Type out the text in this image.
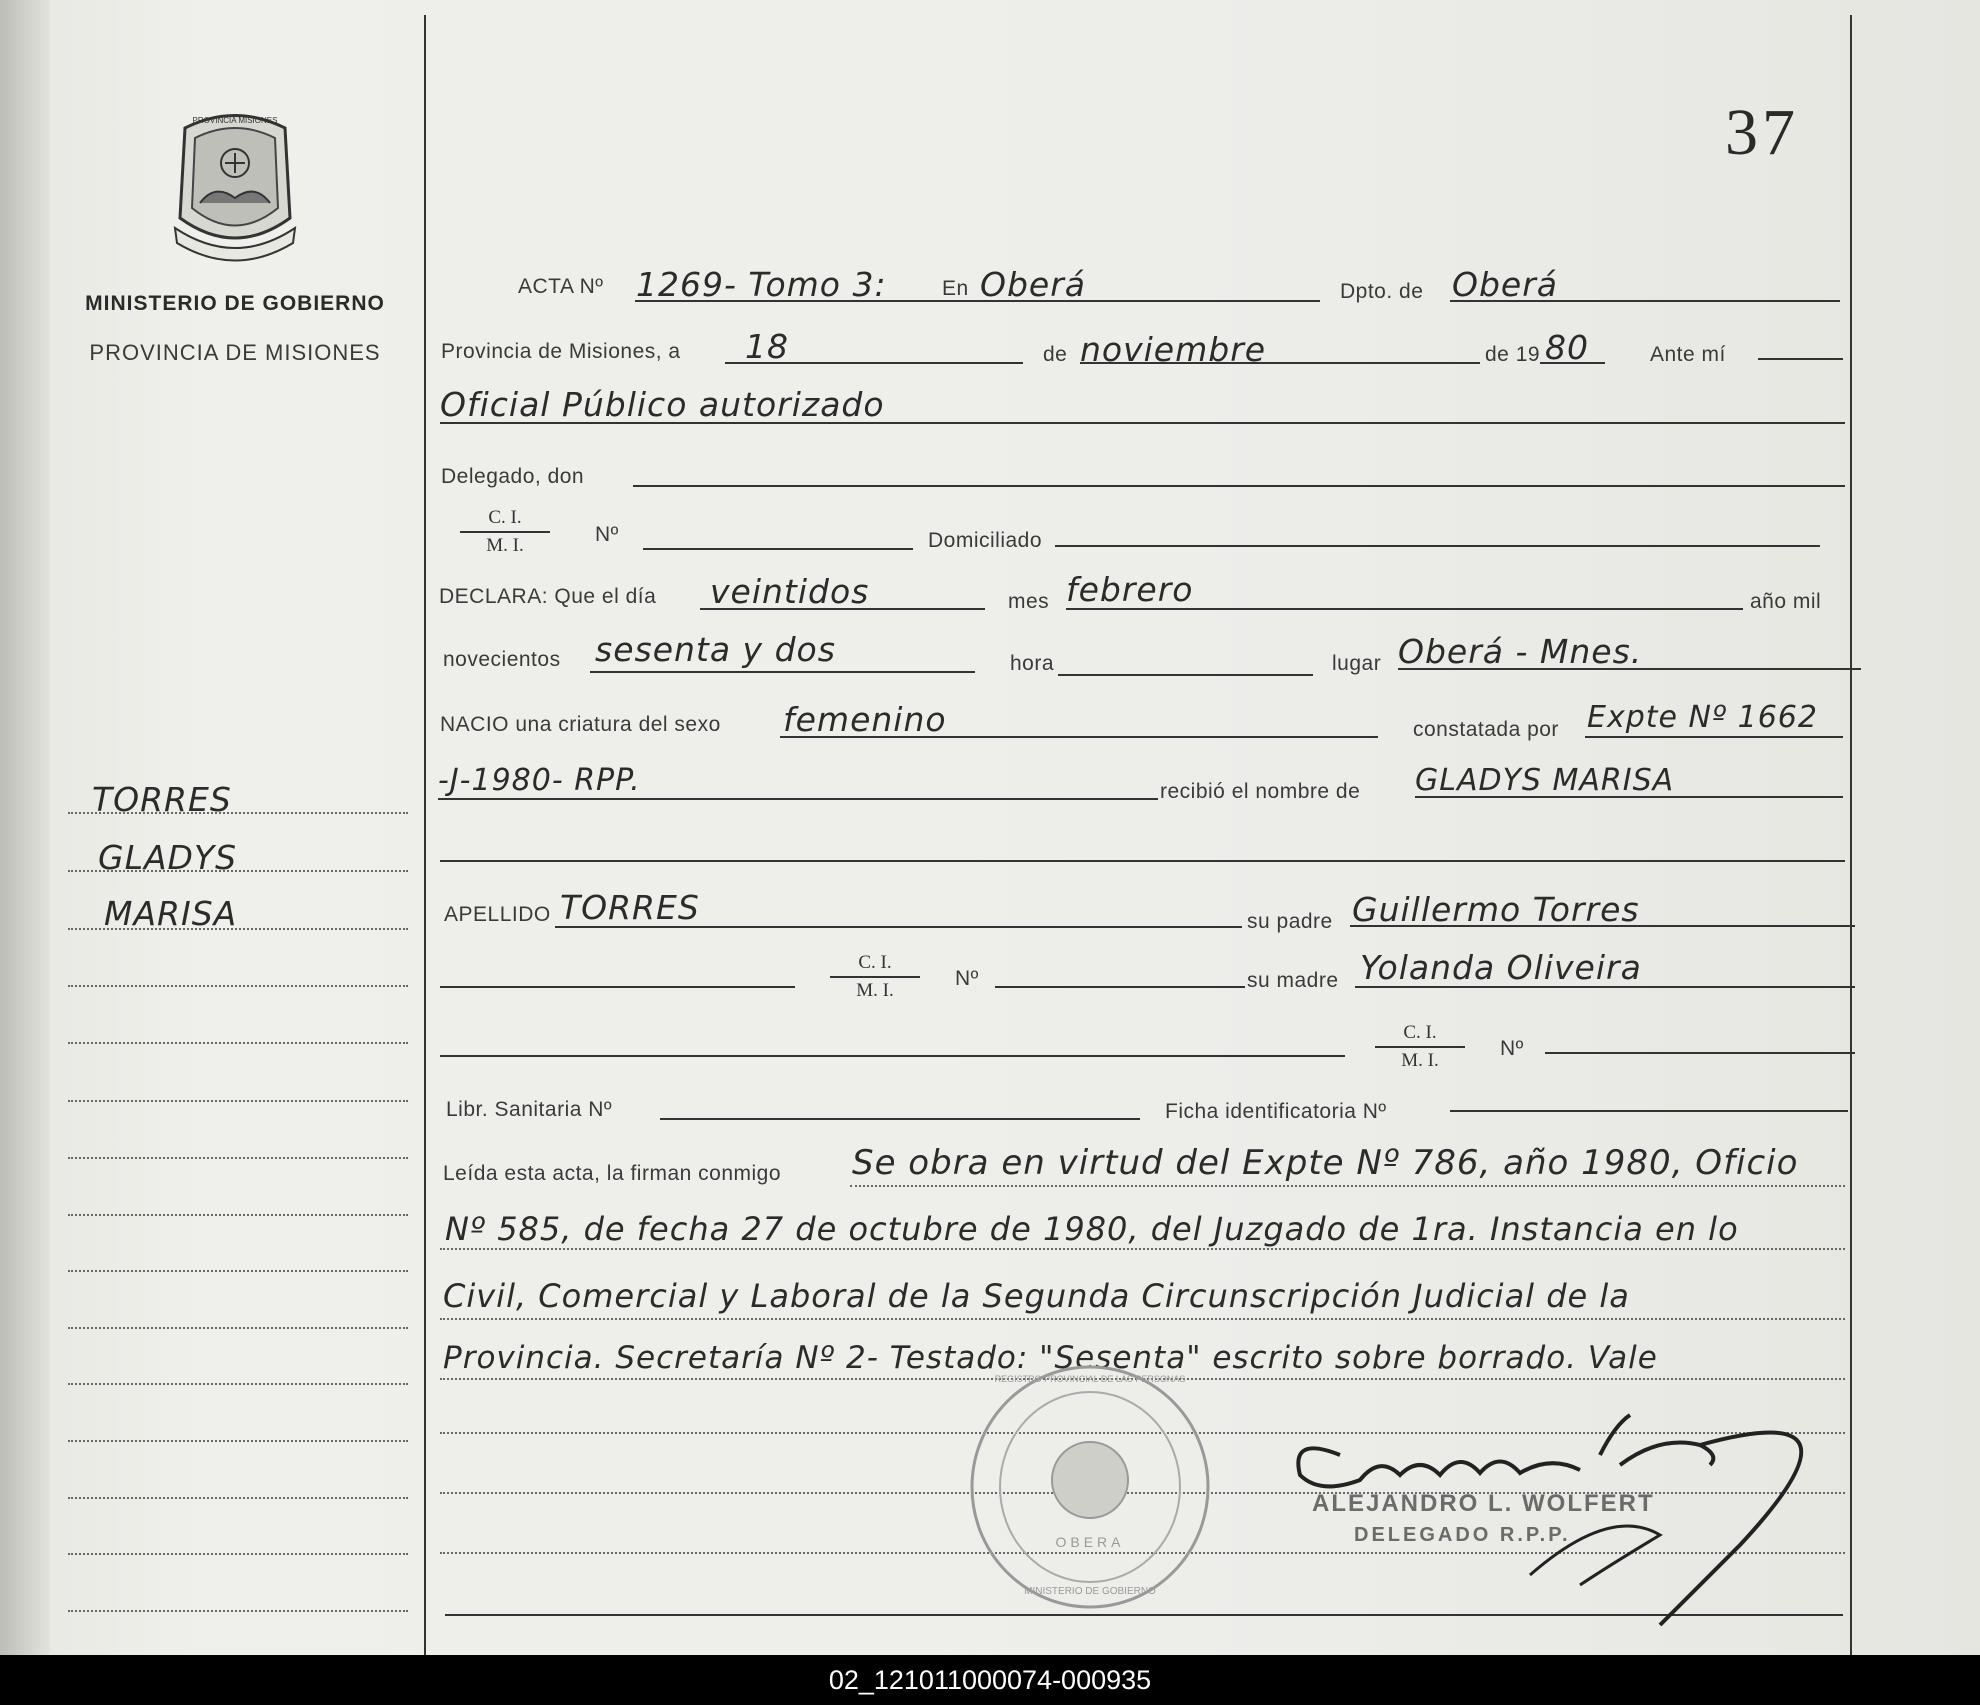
PROVINCIA MISIONES
MINISTERIO DE GOBIERNO
PROVINCIA DE MISIONES
37
TORRES
GLADYS
MARISA
ACTA Nº 1269- Tomo 3:	En Oberá	Dpto. de Oberá
Provincia de Misiones, a 18	de noviembre	de 19 80	Ante mí
Oficial Público autorizado
Delegado, don
$\frac{C. I.}{M. I.}$ Nº	Domiciliado
DECLARA: Que el día veintidos	mes febrero	año mil
novecientos sesenta y dos	hora	lugar Oberá - Mnes.
NACIO una criatura del sexo femenino	constatada por Expte Nº 1662
-J-1980- RPP.	recibió el nombre de GLADYS MARISA
APELLIDO TORRES	su padre Guillermo Torres
$\frac{C. I.}{M. I.}$ Nº	su madre Yolanda Oliveira
$\frac{C. I.}{M. I.}$ Nº
Libr. Sanitaria Nº	Ficha identificatoria Nº
Leída esta acta, la firman conmigo Se obra en virtud del Expte Nº 786, año 1980, Oficio
Nº 585, de fecha 27 de octubre de 1980, del Juzgado de 1ra. Instancia en lo
Civil, Comercial y Laboral de la Segunda Circunscripción Judicial de la
Provincia. Secretaría Nº 2- Testado: "Sesenta" escrito sobre borrado. Vale
OBERA
MINISTERIO DE GOBIERNO
REGISTRO PROVINCIAL DE LAS PERSONAS
ALEJANDRO L. WOLFERT
DELEGADO R.P.P.
02_121011000074-000935
